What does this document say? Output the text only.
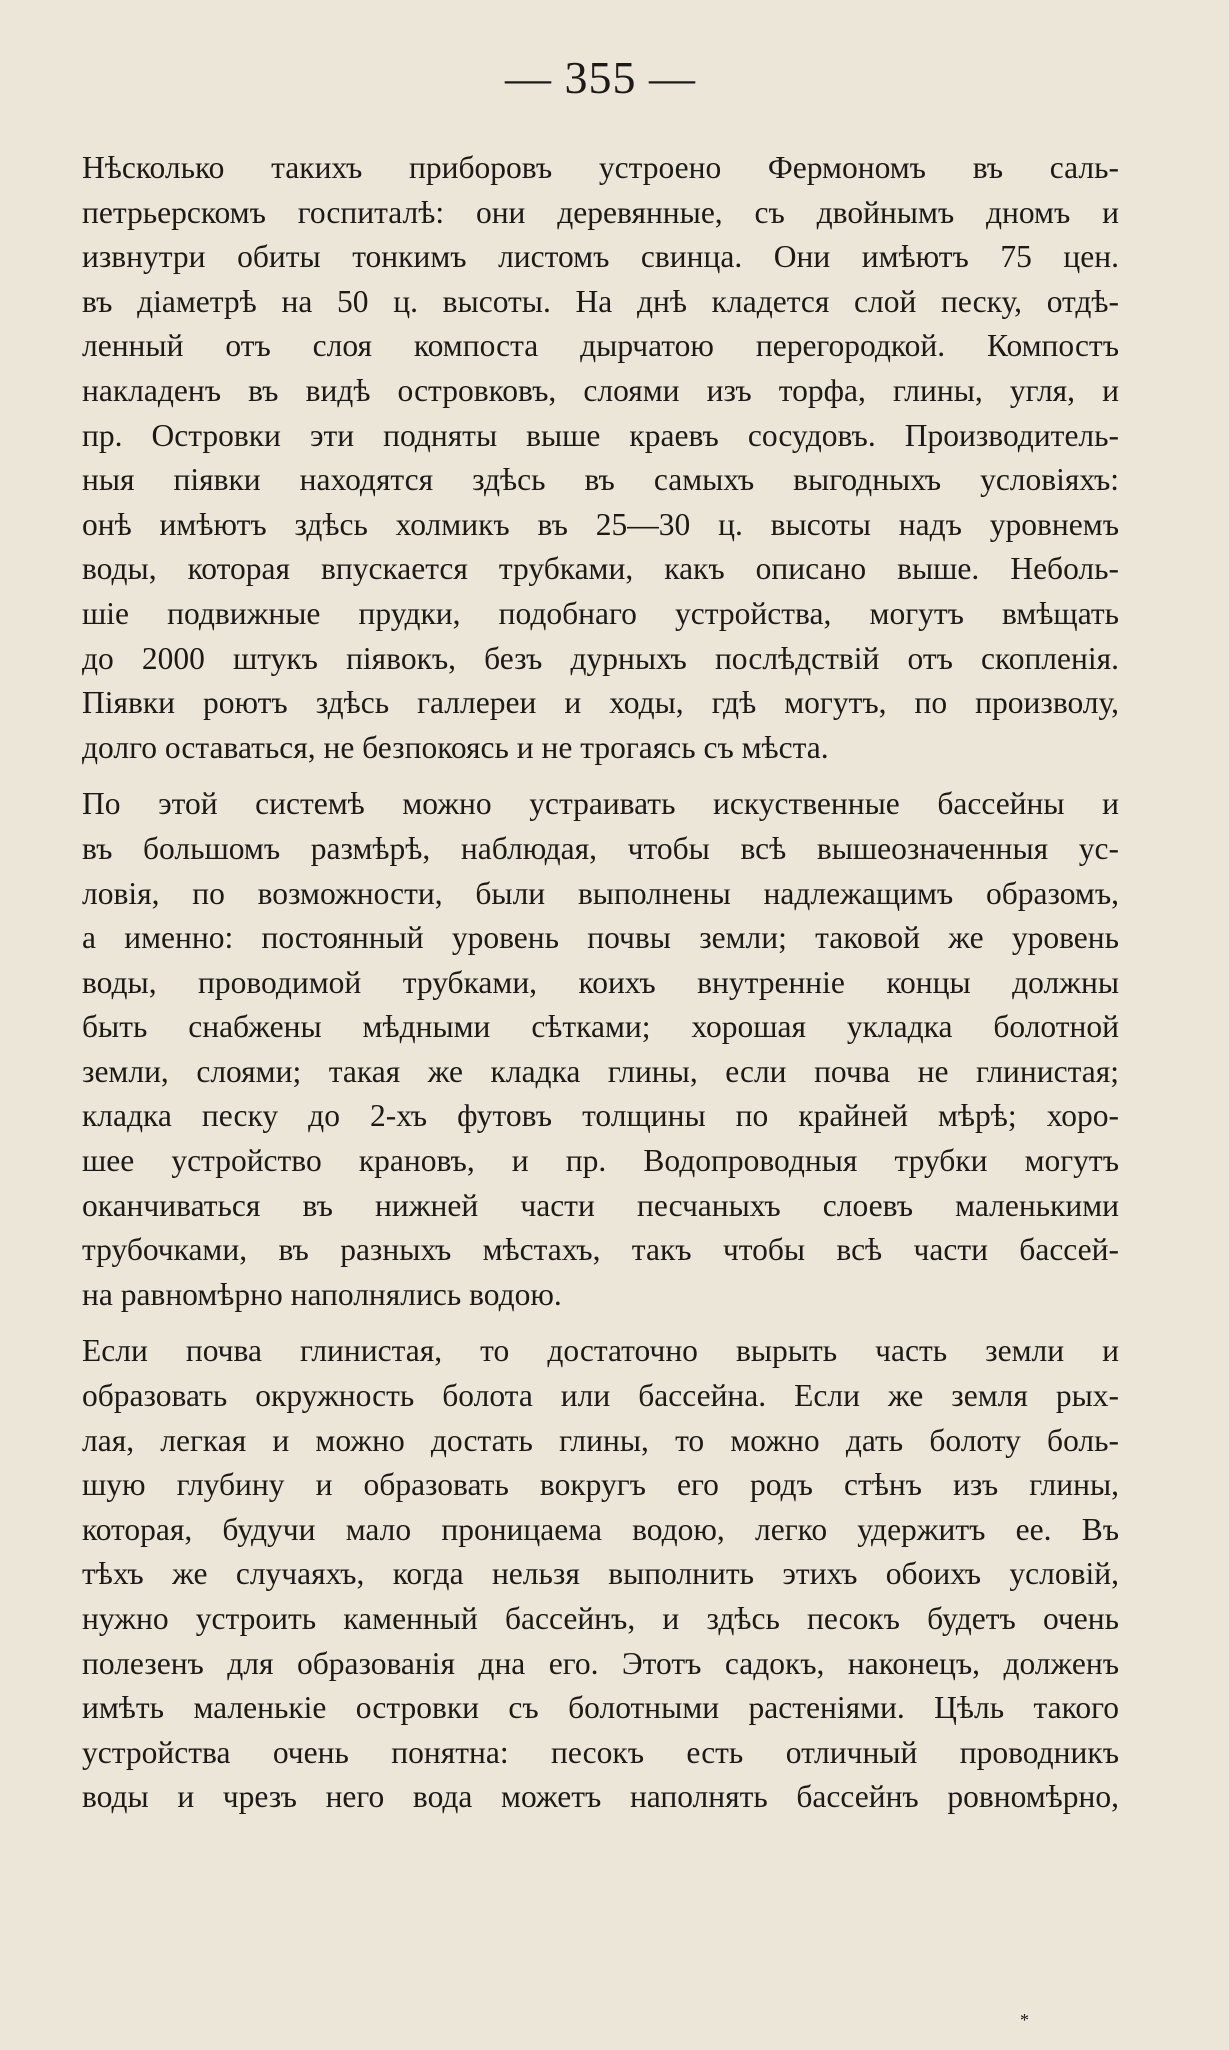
— 355 —
Нѣсколько такихъ приборовъ устроено Фермономъ въ саль-
петрьерскомъ госпиталѣ: они деревянные, съ двойнымъ дномъ и
извнутри обиты тонкимъ листомъ свинца. Они имѣютъ 75 цен.
въ діаметрѣ на 50 ц. высоты. На днѣ кладется слой песку, отдѣ-
ленный отъ слоя компоста дырчатою перегородкой. Компостъ
накладенъ въ видѣ островковъ, слоями изъ торфа, глины, угля, и
пр. Островки эти подняты выше краевъ сосудовъ. Производитель-
ныя піявки находятся здѣсь въ самыхъ выгодныхъ условіяхъ:
онѣ имѣютъ здѣсь холмикъ въ 25—30 ц. высоты надъ уровнемъ
воды, которая впускается трубками, какъ описано выше. Неболь-
шіе подвижные прудки, подобнаго устройства, могутъ вмѣщать
до 2000 штукъ піявокъ, безъ дурныхъ послѣдствій отъ скопленія.
Піявки роютъ здѣсь галлереи и ходы, гдѣ могутъ, по произволу,
долго оставаться, не безпокоясь и не трогаясь съ мѣста.
По этой системѣ можно устраивать искуственные бассейны и
въ большомъ размѣрѣ, наблюдая, чтобы всѣ вышеозначенныя ус-
ловія, по возможности, были выполнены надлежащимъ образомъ,
а именно: постоянный уровень почвы земли; таковой же уровень
воды, проводимой трубками, коихъ внутренніе концы должны
быть снабжены мѣдными сѣтками; хорошая укладка болотной
земли, слоями; такая же кладка глины, если почва не глинистая;
кладка песку до 2-хъ футовъ толщины по крайней мѣрѣ; хоро-
шее устройство крановъ, и пр. Водопроводныя трубки могутъ
оканчиваться въ нижней части песчаныхъ слоевъ маленькими
трубочками, въ разныхъ мѣстахъ, такъ чтобы всѣ части бассей-
на равномѣрно наполнялись водою.
Если почва глинистая, то достаточно вырыть часть земли и
образовать окружность болота или бассейна. Если же земля рых-
лая, легкая и можно достать глины, то можно дать болоту боль-
шую глубину и образовать вокругъ его родъ стѣнъ изъ глины,
которая, будучи мало проницаема водою, легко удержитъ ее. Въ
тѣхъ же случаяхъ, когда нельзя выполнить этихъ обоихъ условій,
нужно устроить каменный бассейнъ, и здѣсь песокъ будетъ очень
полезенъ для образованія дна его. Этотъ садокъ, наконецъ, долженъ
имѣть маленькіе островки съ болотными растеніями. Цѣль такого
устройства очень понятна: песокъ есть отличный проводникъ
воды и чрезъ него вода можетъ наполнять бассейнъ ровномѣрно,
*
